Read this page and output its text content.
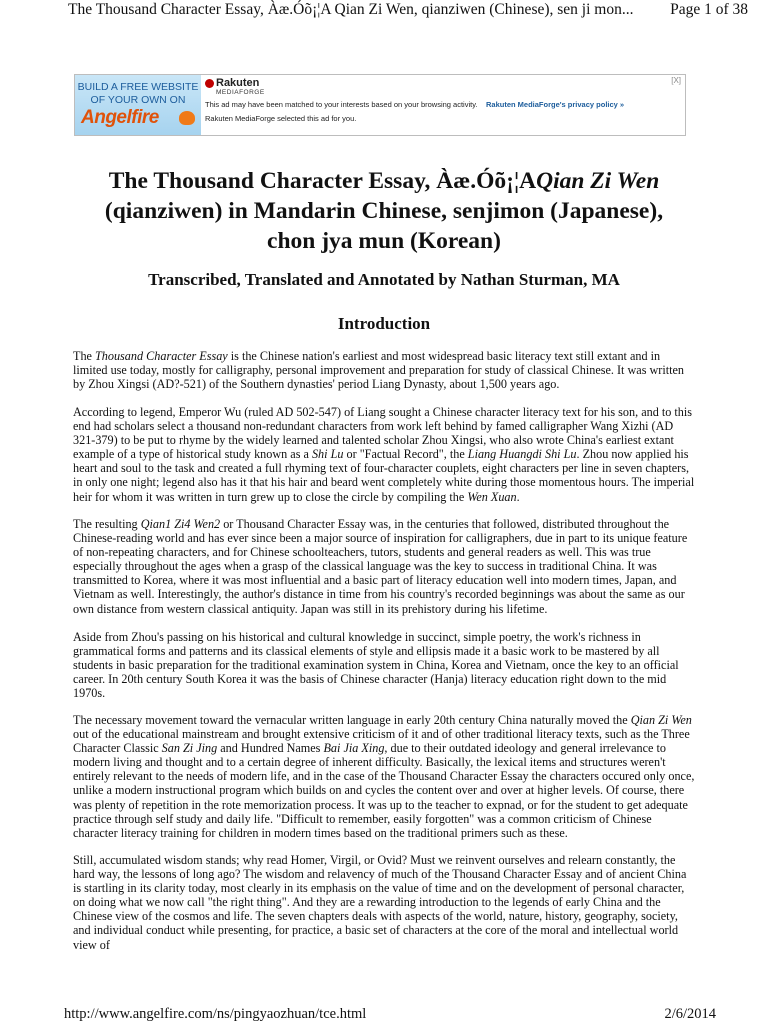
The Thousand Character Essay, Àæ.Óõ¡¦A Qian Zi Wen, qianziwen (Chinese), sen ji mon... Page 1 of 38
BUILD A FREE WEBSITE
OF YOUR OWN ON
Angelfire
Rakuten
MEDIAFORGE
This ad may have been matched to your interests based on your browsing activity.
Rakuten MediaForge selected this ad for you.
Rakuten MediaForge's privacy policy »
[X]
The Thousand Character Essay, Àæ.Óõ¡¦AQian Zi Wen
(qianziwen) in Mandarin Chinese, senjimon (Japanese),
chon jya mun (Korean)
Transcribed, Translated and Annotated by Nathan Sturman, MA
Introduction

The Thousand Character Essay is the Chinese nation's earliest and most widespread basic literacy text still extant and in limited use today, mostly for calligraphy, personal improvement and preparation for study of classical Chinese. It was written by Zhou Xingsi (AD?-521) of the Southern dynasties' period Liang Dynasty, about 1,500 years ago.

According to legend, Emperor Wu (ruled AD 502-547) of Liang sought a Chinese character literacy text for his son, and to this end had scholars select a thousand non-redundant characters from work left behind by famed calligrapher Wang Xizhi (AD 321-379) to be put to rhyme by the widely learned and talented scholar Zhou Xingsi, who also wrote China's earliest extant example of a type of historical study known as a Shi Lu or "Factual Record", the Liang Huangdi Shi Lu. Zhou now applied his heart and soul to the task and created a full rhyming text of four-character couplets, eight characters per line in seven chapters, in only one night; legend also has it that his hair and beard went completely white during those momentous hours. The imperial heir for whom it was written in turn grew up to close the circle by compiling the Wen Xuan.

The resulting Qian1 Zi4 Wen2 or Thousand Character Essay was, in the centuries that followed, distributed throughout the Chinese-reading world and has ever since been a major source of inspiration for calligraphers, due in part to its unique feature of non-repeating characters, and for Chinese schoolteachers, tutors, students and general readers as well. This was true especially throughout the ages when a grasp of the classical language was the key to success in traditional China. It was transmitted to Korea, where it was most influential and a basic part of literacy education well into modern times, Japan, and Vietnam as well. Interestingly, the author's distance in time from his country's recorded beginnings was about the same as our own distance from western classical antiquity. Japan was still in its prehistory during his lifetime.

Aside from Zhou's passing on his historical and cultural knowledge in succinct, simple poetry, the work's richness in grammatical forms and patterns and its classical elements of style and ellipsis made it a basic work to be mastered by all students in basic preparation for the traditional examination system in China, Korea and Vietnam, once the key to an official career. In 20th century South Korea it was the basis of Chinese character (Hanja) literacy education right down to the mid 1970s.

The necessary movement toward the vernacular written language in early 20th century China naturally moved the Qian Zi Wen out of the educational mainstream and brought extensive criticism of it and of other traditional literacy texts, such as the Three Character Classic San Zi Jing and Hundred Names Bai Jia Xing, due to their outdated ideology and general irrelevance to modern living and thought and to a certain degree of inherent difficulty. Basically, the lexical items and structures weren't entirely relevant to the needs of modern life, and in the case of the Thousand Character Essay the characters occured only once, unlike a modern instructional program which builds on and cycles the content over and over at higher levels. Of course, there was plenty of repetition in the rote memorization process. It was up to the teacher to expnad, or for the student to get adequate practice through self study and daily life. "Difficult to remember, easily forgotten" was a common criticism of Chinese character literacy training for children in modern times based on the traditional primers such as these.

Still, accumulated wisdom stands; why read Homer, Virgil, or Ovid? Must we reinvent ourselves and relearn constantly, the hard way, the lessons of long ago? The wisdom and relavency of much of the Thousand Character Essay and of ancient China is startling in its clarity today, most clearly in its emphasis on the value of time and on the development of personal character, on doing what we now call "the right thing". And they are a rewarding introduction to the legends of early China and the Chinese view of the cosmos and life. The seven chapters deals with aspects of the world, nature, history, geography, society, and individual conduct while presenting, for practice, a basic set of characters at the core of the moral and intellectual world view of

http://www.angelfire.com/ns/pingyaozhuan/tce.html	2/6/2014
